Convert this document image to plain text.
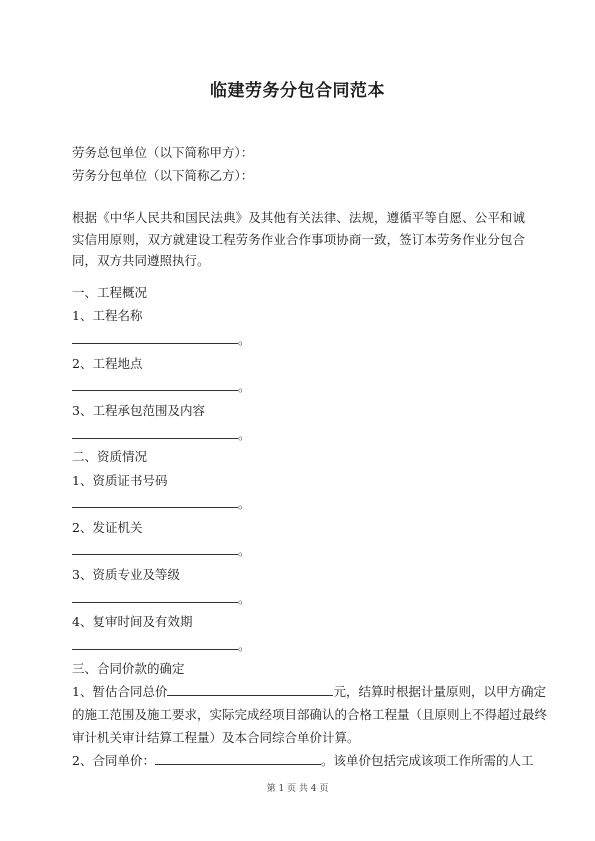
临建劳务分包合同范本
劳务总包单位（以下简称甲方）：
劳务分包单位（以下简称乙方）：
根据《中华人民共和国民法典》及其他有关法律、法规，遵循平等自愿、公平和诚实信用原则，双方就建设工程劳务作业合作事项协商一致，签订本劳务作业分包合同，双方共同遵照执行。
一、工程概况
1、工程名称
。
2、工程地点
。
3、工程承包范围及内容
。
二、资质情况
1、资质证书号码
。
2、发证机关
。
3、资质专业及等级
。
4、复审时间及有效期
。
三、合同价款的确定
1、暂估合同总价	元，结算时根据计量原则，以甲方确定
的施工范围及施工要求，实际完成经项目部确认的合格工程量（且原则上不得超过最终
审计机关审计结算工程量）及本合同综合单价计算。
2、合同单价：	。该单价包括完成该项工作所需的人工
第 1 页 共 4 页
